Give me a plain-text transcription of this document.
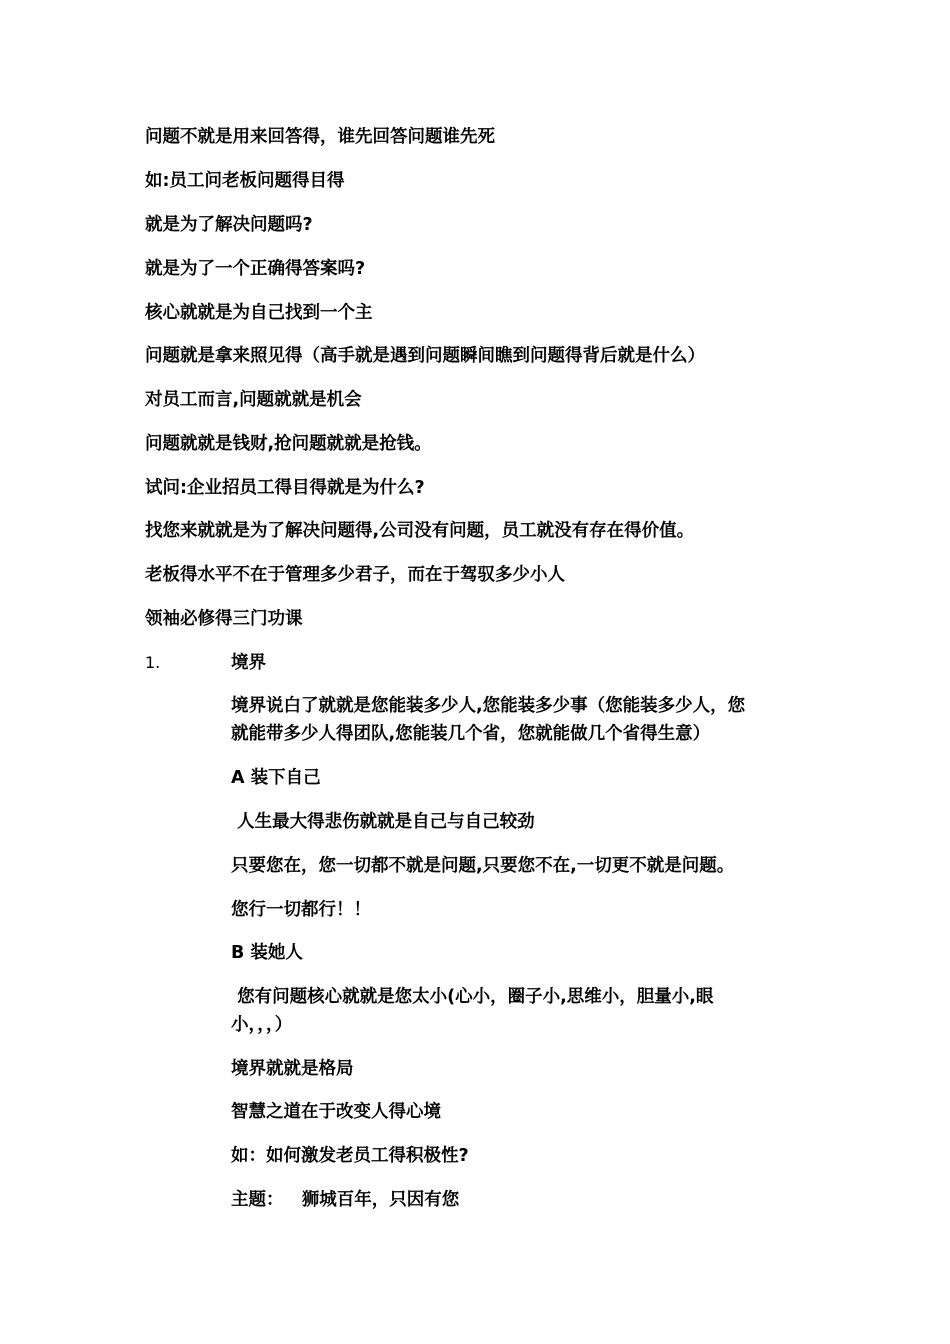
问题不就是用来回答得，谁先回答问题谁先死
如:员工问老板问题得目得
就是为了解决问题吗?
就是为了一个正确得答案吗?
核心就就是为自己找到一个主
问题就是拿来照见得（高手就是遇到问题瞬间瞧到问题得背后就是什么）
对员工而言,问题就就是机会
问题就就是钱财,抢问题就就是抢钱。
试问:企业招员工得目得就是为什么?
找您来就就是为了解决问题得,公司没有问题，员工就没有存在得价值。
老板得水平不在于管理多少君子，而在于驾驭多少小人
领袖必修得三门功课
1.	境界
境界说白了就就是您能装多少人,您能装多少事（您能装多少人，您
就能带多少人得团队,您能装几个省，您就能做几个省得生意）
A 装下自己
人生最大得悲伤就就是自己与自己较劲
只要您在，您一切都不就是问题,只要您不在,一切更不就是问题。
您行一切都行！！
B 装她人
您有问题核心就就是您太小(心小，圈子小,思维小，胆量小,眼
小，，，）
境界就就是格局
智慧之道在于改变人得心境
如：如何激发老员工得积极性?
主题：   狮城百年，只因有您
